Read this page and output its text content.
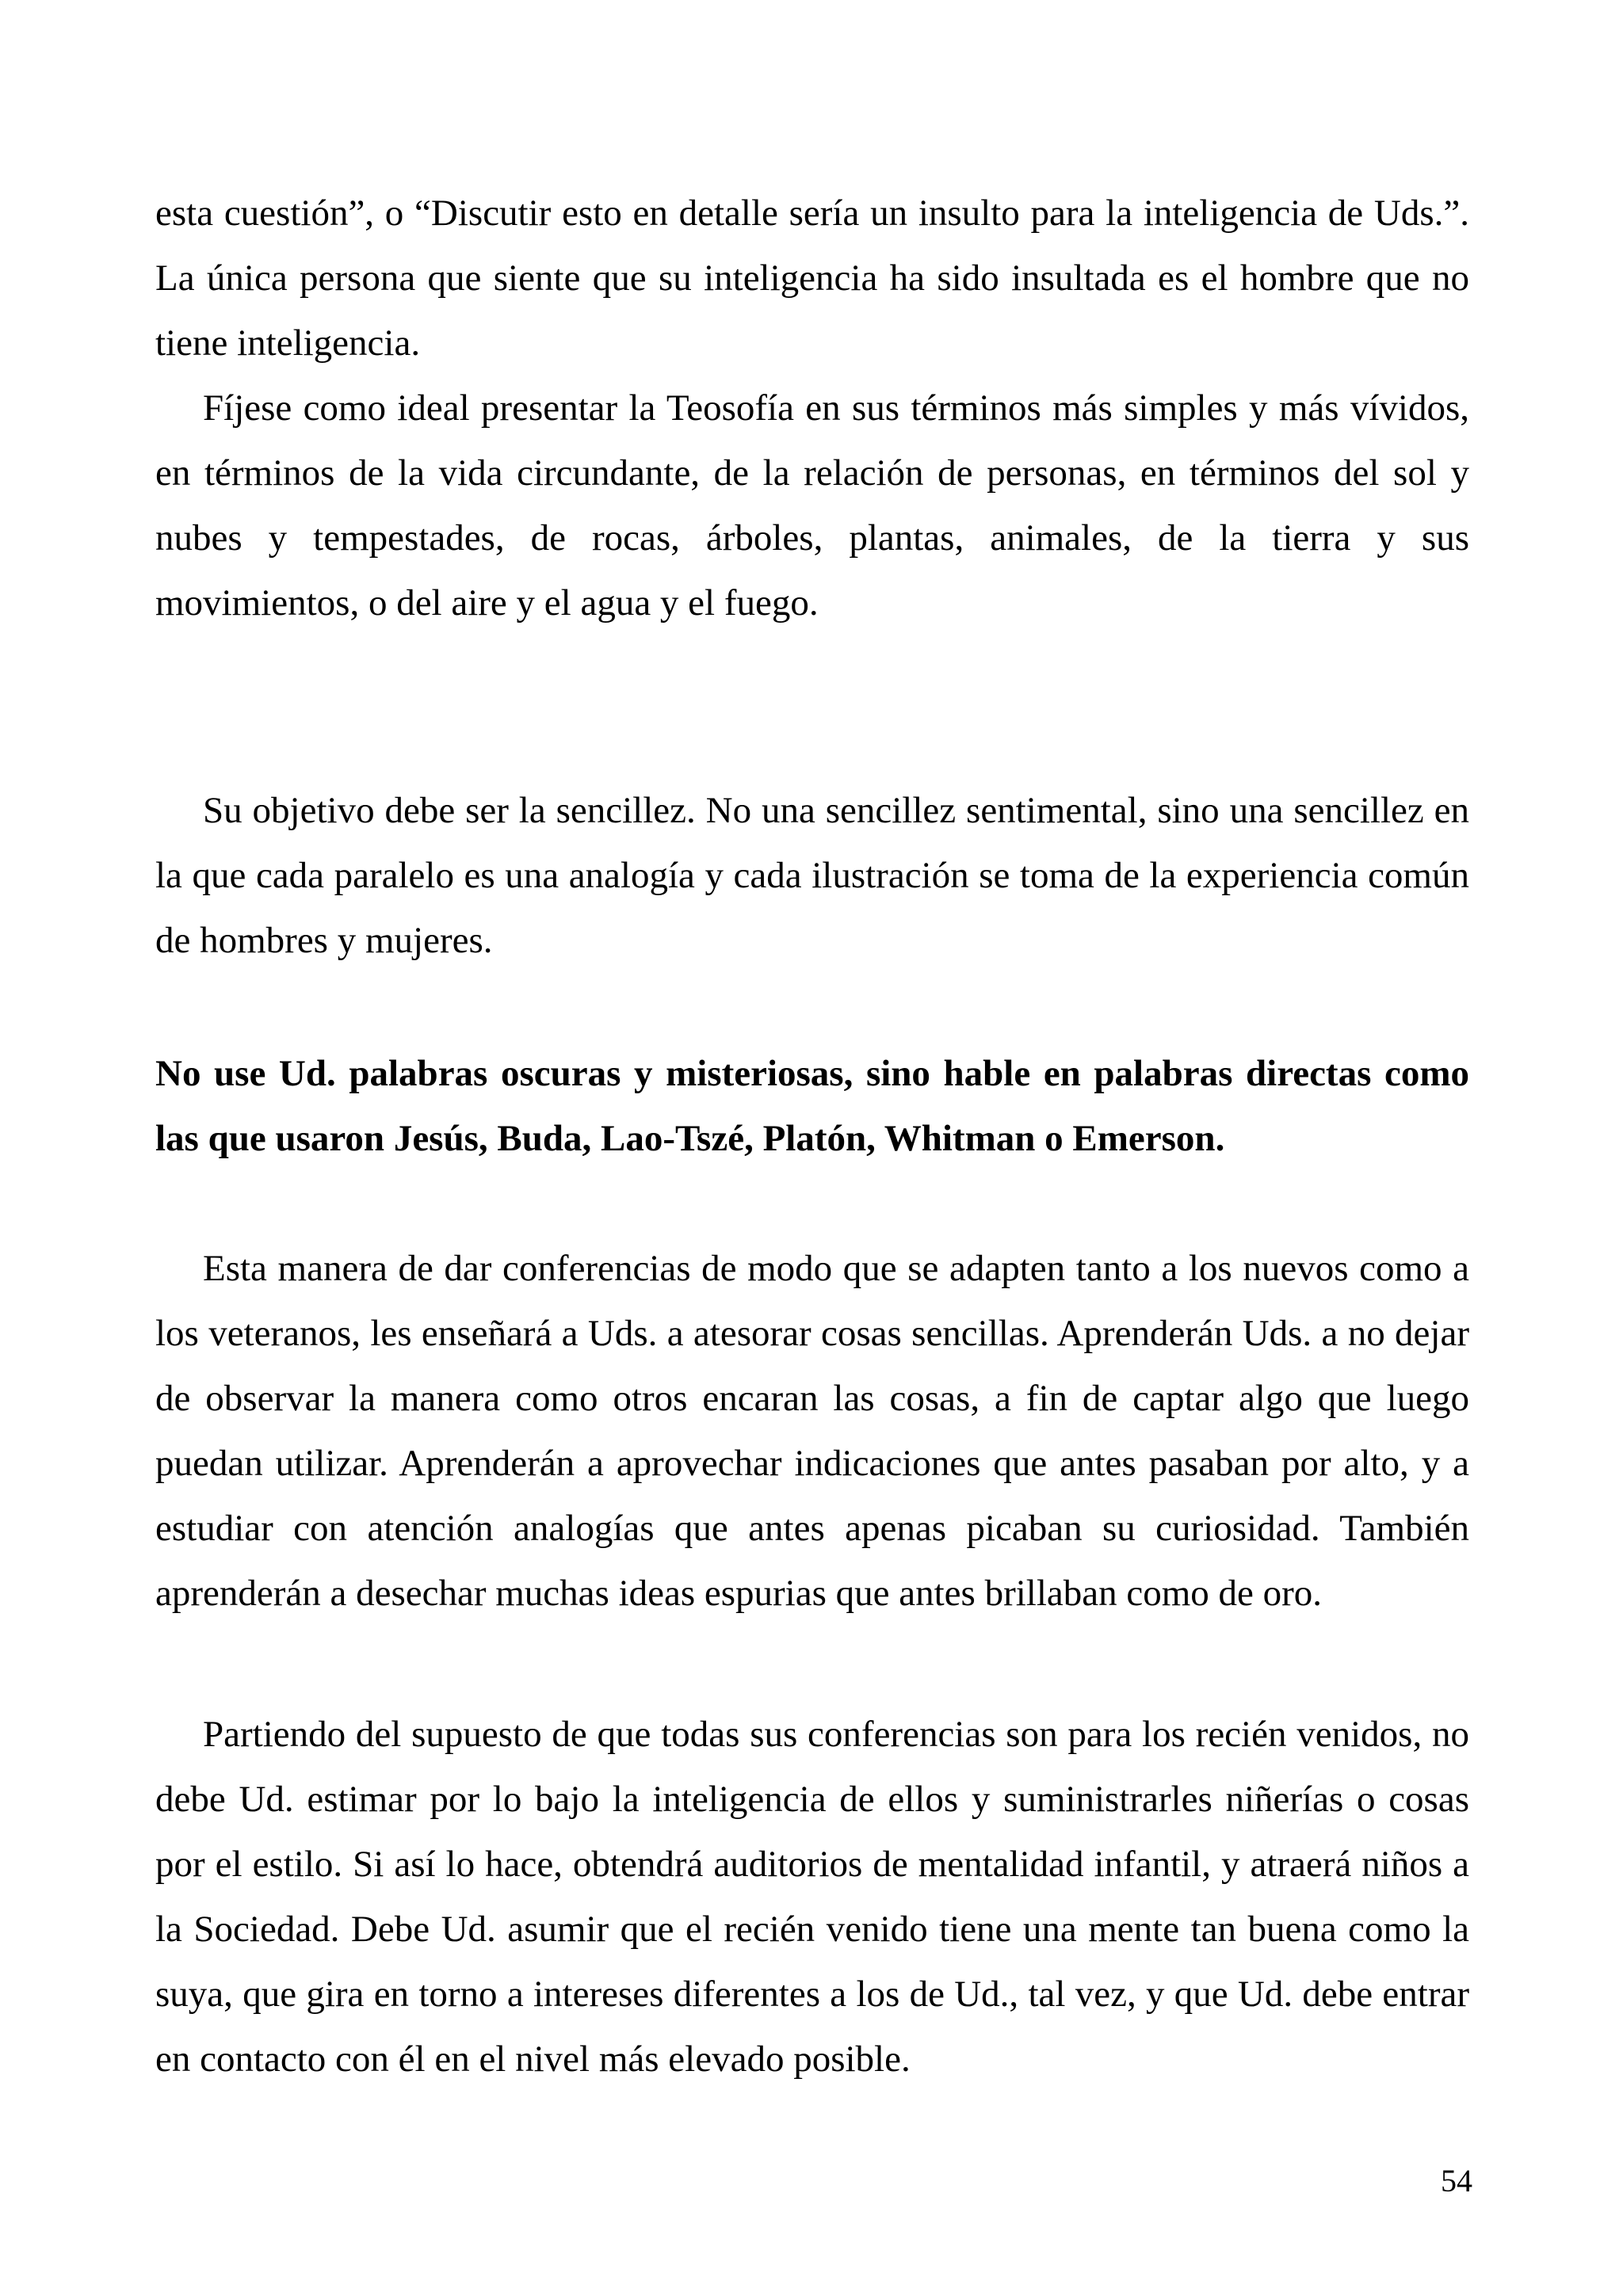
esta cuestión”, o “Discutir esto en detalle sería un insulto para la inteligencia de Uds.”. La única persona que siente que su inteligencia ha sido insultada es el hombre que no tiene inteligencia.

Fíjese como ideal presentar la Teosofía en sus términos más simples y más vívidos, en términos de la vida circundante, de la relación de personas, en términos del sol y nubes y tempestades, de rocas, árboles, plantas, animales, de la tierra y sus movimientos, o del aire y el agua y el fuego.

Su objetivo debe ser la sencillez. No una sencillez sentimental, sino una sencillez en la que cada paralelo es una analogía y cada ilustración se toma de la experiencia común de hombres y mujeres.

No use Ud. palabras oscuras y misteriosas, sino hable en palabras directas como las que usaron Jesús, Buda, Lao-Tszé, Platón, Whitman o Emerson.

Esta manera de dar conferencias de modo que se adapten tanto a los nuevos como a los veteranos, les enseñará a Uds. a atesorar cosas sencillas. Aprenderán Uds. a no dejar de observar la manera como otros encaran las cosas, a fin de captar algo que luego puedan utilizar. Aprenderán a aprovechar indicaciones que antes pasaban por alto, y a estudiar con atención analogías que antes apenas picaban su curiosidad. También aprenderán a desechar muchas ideas espurias que antes brillaban como de oro.

Partiendo del supuesto de que todas sus conferencias son para los recién venidos, no debe Ud. estimar por lo bajo la inteligencia de ellos y suministrarles niñerías o cosas por el estilo. Si así lo hace, obtendrá auditorios de mentalidad infantil, y atraerá niños a la Sociedad. Debe Ud. asumir que el recién venido tiene una mente tan buena como la suya, que gira en torno a intereses diferentes a los de Ud., tal vez, y que Ud. debe entrar en contacto con él en el nivel más elevado posible.

54
